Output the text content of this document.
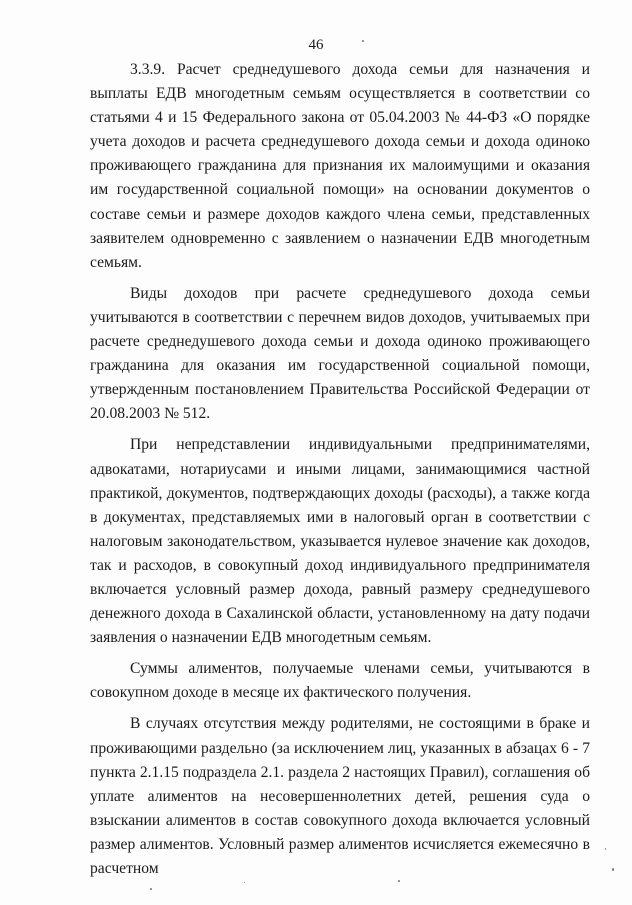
46

3.3.9. Расчет среднедушевого дохода семьи для назначения и выплаты ЕДВ многодетным семьям осуществляется в соответствии со статьями 4 и 15 Федерального закона от 05.04.2003 № 44-ФЗ «О порядке учета доходов и расчета среднедушевого дохода семьи и дохода одиноко проживающего гражданина для признания их малоимущими и оказания им государственной социальной помощи» на основании документов о составе семьи и размере доходов каждого члена семьи, представленных заявителем одновременно с заявлением о назначении ЕДВ многодетным семьям.

Виды доходов при расчете среднедушевого дохода семьи учитываются в соответствии с перечнем видов доходов, учитываемых при расчете среднедушевого дохода семьи и дохода одиноко проживающего гражданина для оказания им государственной социальной помощи, утвержденным постановлением Правительства Российской Федерации от 20.08.2003 № 512.

При непредставлении индивидуальными предпринимателями, адвокатами, нотариусами и иными лицами, занимающимися частной практикой, документов, подтверждающих доходы (расходы), а также когда в документах, представляемых ими в налоговый орган в соответствии с налоговым законодательством, указывается нулевое значение как доходов, так и расходов, в совокупный доход индивидуального предпринимателя включается условный размер дохода, равный размеру среднедушевого денежного дохода в Сахалинской области, установленному на дату подачи заявления о назначении ЕДВ многодетным семьям.

Суммы алиментов, получаемые членами семьи, учитываются в совокупном доходе в месяце их фактического получения.

В случаях отсутствия между родителями, не состоящими в браке и проживающими раздельно (за исключением лиц, указанных в абзацах 6 - 7 пункта 2.1.15 подраздела 2.1. раздела 2 настоящих Правил), соглашения об уплате алиментов на несовершеннолетних детей, решения суда о взыскании алиментов в состав совокупного дохода включается условный размер алиментов. Условный размер алиментов исчисляется ежемесячно в расчетном
